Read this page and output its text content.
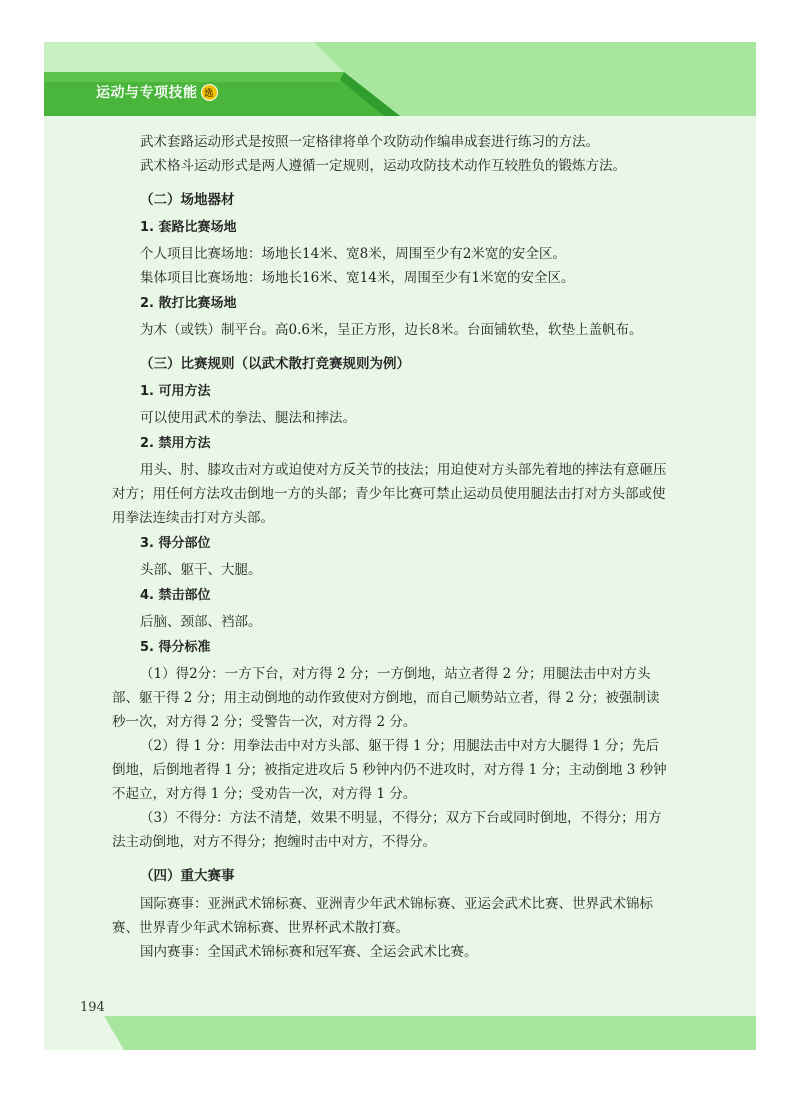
运动与专项技能 选

武术套路运动形式是按照一定格律将单个攻防动作编串成套进行练习的方法。

武术格斗运动形式是两人遵循一定规则，运动攻防技术动作互较胜负的锻炼方法。

（二）场地器材
1. 套路比赛场地

个人项目比赛场地：场地长14米、宽8米，周围至少有2米宽的安全区。

集体项目比赛场地：场地长16米、宽14米，周围至少有1米宽的安全区。

2. 散打比赛场地

为木（或铁）制平台。高0.6米，呈正方形，边长8米。台面铺软垫，软垫上盖帆布。

（三）比赛规则（以武术散打竞赛规则为例）
1. 可用方法

可以使用武术的拳法、腿法和摔法。

2. 禁用方法

用头、肘、膝攻击对方或迫使对方反关节的技法；用迫使对方头部先着地的摔法有意砸压对方；用任何方法攻击倒地一方的头部；青少年比赛可禁止运动员使用腿法击打对方头部或使用拳法连续击打对方头部。

3. 得分部位

头部、躯干、大腿。

4. 禁击部位

后脑、颈部、裆部。

5. 得分标准

（1）得2分：一方下台，对方得 2 分；一方倒地，站立者得 2 分；用腿法击中对方头部、躯干得 2 分；用主动倒地的动作致使对方倒地，而自己顺势站立者，得 2 分；被强制读秒一次，对方得 2 分；受警告一次，对方得 2 分。

（2）得 1 分：用拳法击中对方头部、躯干得 1 分；用腿法击中对方大腿得 1 分；先后倒地，后倒地者得 1 分；被指定进攻后 5 秒钟内仍不进攻时，对方得 1 分；主动倒地 3 秒钟不起立，对方得 1 分；受劝告一次，对方得 1 分。

（3）不得分：方法不清楚，效果不明显，不得分；双方下台或同时倒地，不得分；用方法主动倒地，对方不得分；抱缠时击中对方，不得分。

（四）重大赛事

国际赛事：亚洲武术锦标赛、亚洲青少年武术锦标赛、亚运会武术比赛、世界武术锦标赛、世界青少年武术锦标赛、世界杯武术散打赛。

国内赛事：全国武术锦标赛和冠军赛、全运会武术比赛。

194
